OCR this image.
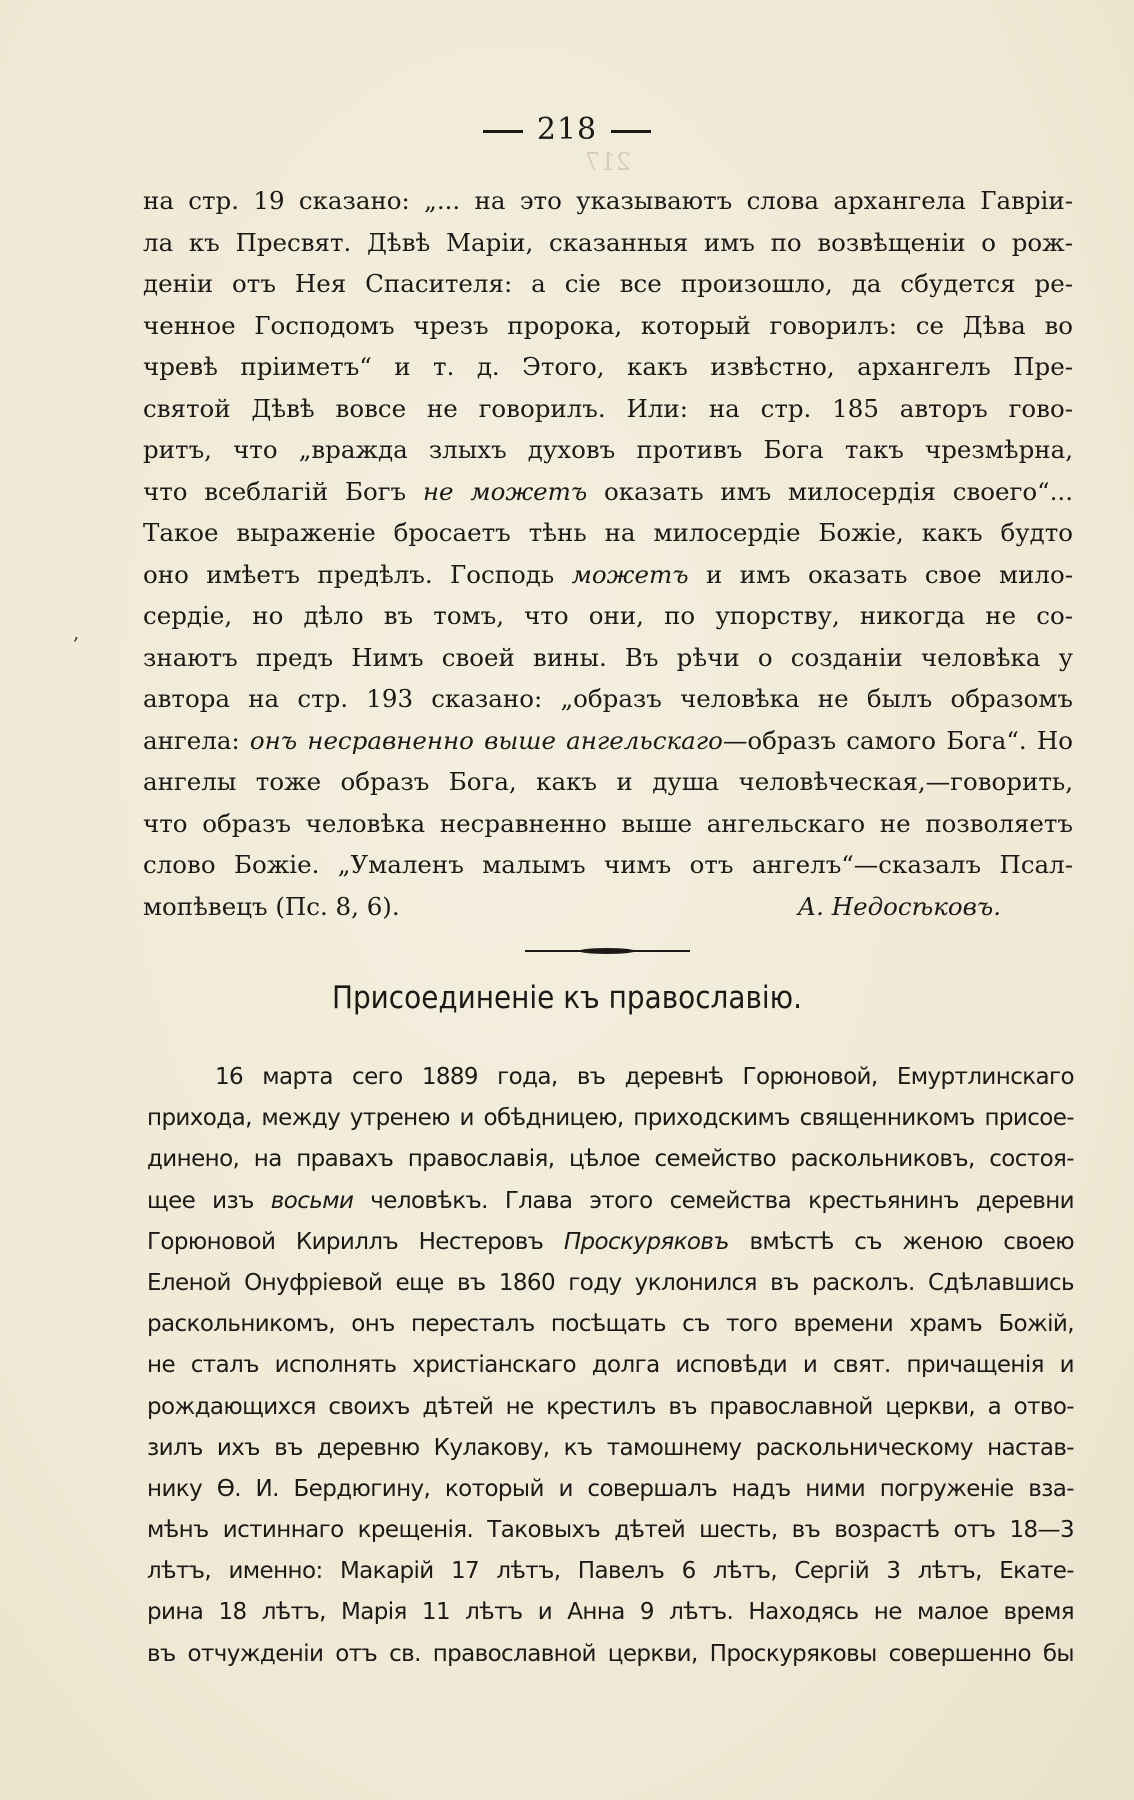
218
217
,
на стр. 19 сказано: „... на это указываютъ слова архангела Гавріи-
ла къ Пресвят. Дѣвѣ Маріи, сказанныя имъ по возвѣщеніи о рож-
деніи отъ Нея Спасителя: а сіе все произошло, да сбудется ре-
ченное Господомъ чрезъ пророка, который говорилъ: се Дѣва во
чревѣ пріиметъ“ и т. д. Этого, какъ извѣстно, архангелъ Пре-
святой Дѣвѣ вовсе не говорилъ. Или: на стр. 185 авторъ гово-
ритъ, что „вражда злыхъ духовъ противъ Бога такъ чрезмѣрна,
что всеблагій Богъ не можетъ оказать имъ милосердія своего“...
Такое выраженіе бросаетъ тѣнь на милосердіе Божіе, какъ будто
оно имѣетъ предѣлъ. Господь можетъ и имъ оказать свое мило-
сердіе, но дѣло въ томъ, что они, по упорству, никогда не со-
знаютъ предъ Нимъ своей вины. Въ рѣчи о созданіи человѣка у
автора на стр. 193 сказано: „образъ человѣка не былъ образомъ
ангела: онъ несравненно выше ангельскаго—образъ самого Бога“. Но
ангелы тоже образъ Бога, какъ и душа человѣческая,—говорить,
что образъ человѣка несравненно выше ангельскаго не позволяетъ
слово Божіе. „Умаленъ малымъ чимъ отъ ангелъ“—сказалъ Псал-
мопѣвецъ (Пс. 8, 6).	А. Недосѣковъ.
Присоединеніе къ православію.
16 марта сего 1889 года, въ деревнѣ Горюновой, Емуртлинскаго
прихода, между утренею и обѣдницею, приходскимъ священникомъ присое-
динено, на правахъ православія, цѣлое семейство раскольниковъ, состоя-
щее изъ восьми человѣкъ. Глава этого семейства крестьянинъ деревни
Горюновой Кириллъ Нестеровъ Проскуряковъ вмѣстѣ съ женою своею
Еленой Онуфріевой еще въ 1860 году уклонился въ расколъ. Сдѣлавшись
раскольникомъ, онъ пересталъ посѣщать съ того времени храмъ Божій,
не сталъ исполнять христіанскаго долга исповѣди и свят. причащенія и
рождающихся своихъ дѣтей не крестилъ въ православной церкви, а отво-
зилъ ихъ въ деревню Кулакову, къ тамошнему раскольническому настав-
нику Ѳ. И. Бердюгину, который и совершалъ надъ ними погруженіе вза-
мѣнъ истиннаго крещенія. Таковыхъ дѣтей шесть, въ возрастѣ отъ 18—3
лѣтъ, именно: Макарій 17 лѣтъ, Павелъ 6 лѣтъ, Сергій 3 лѣтъ, Екате-
рина 18 лѣтъ, Марія 11 лѣтъ и Анна 9 лѣтъ. Находясь не малое время
въ отчужденіи отъ св. православной церкви, Проскуряковы совершенно бы
